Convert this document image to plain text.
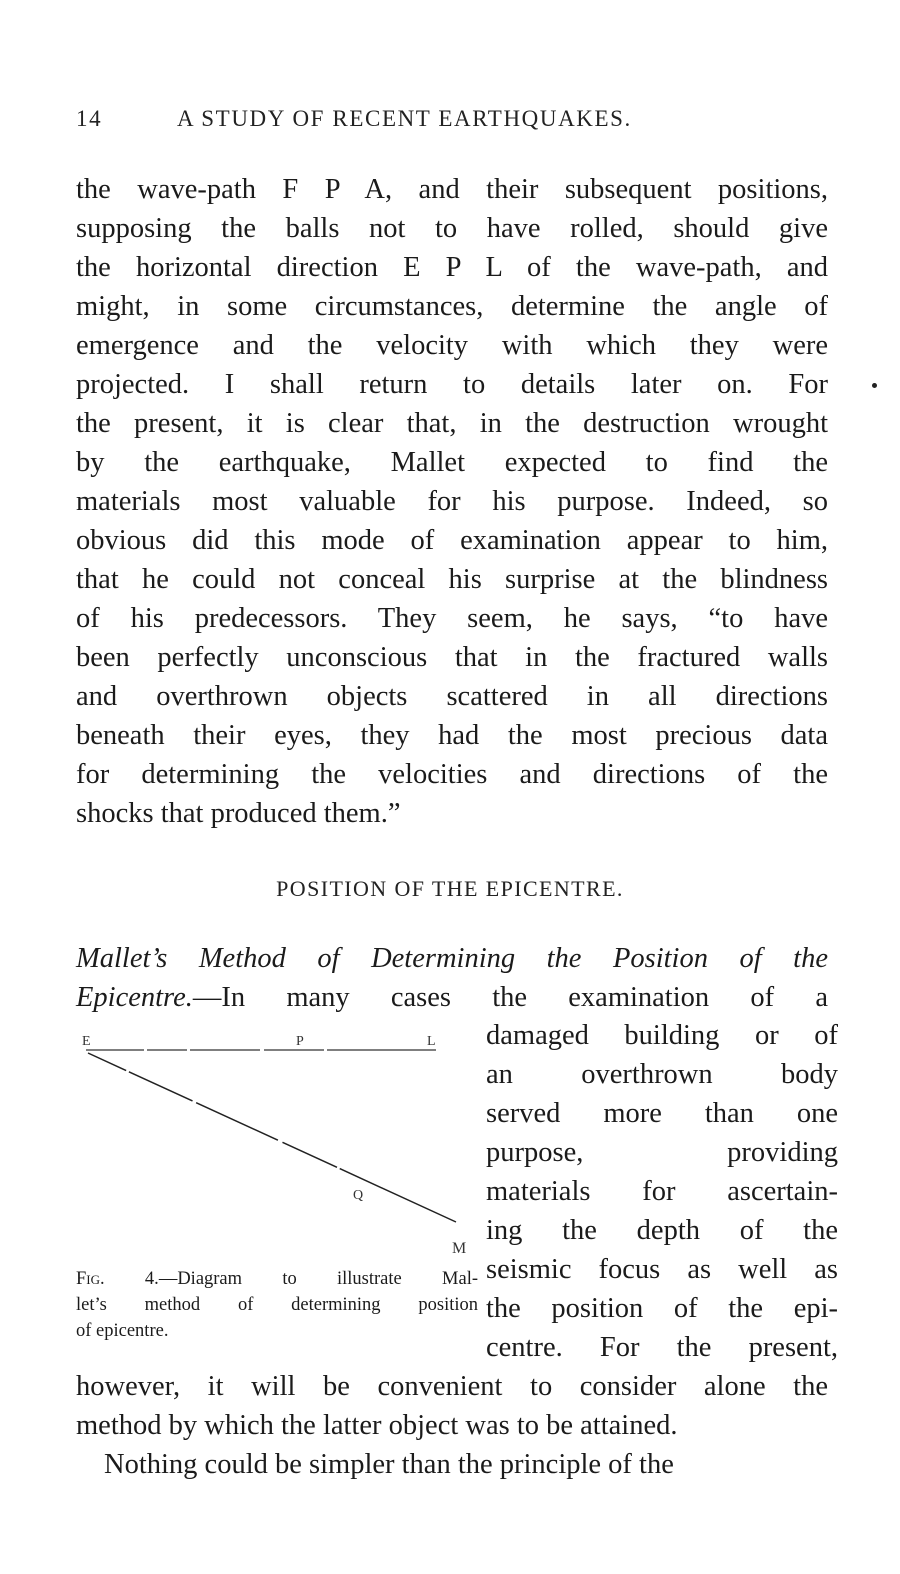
14	A STUDY OF RECENT EARTHQUAKES.
the wave-path F P A, and their subsequent positions,
supposing the balls not to have rolled, should give
the horizontal direction E P L of the wave-path, and
might, in some circumstances, determine the angle of
emergence and the velocity with which they were
projected. I shall return to details later on. For
the present, it is clear that, in the destruction wrought
by the earthquake, Mallet expected to find the
materials most valuable for his purpose. Indeed, so
obvious did this mode of examination appear to him,
that he could not conceal his surprise at the blindness
of his predecessors. They seem, he says, “to have
been perfectly unconscious that in the fractured walls
and overthrown objects scattered in all directions
beneath their eyes, they had the most precious data
for determining the velocities and directions of the
shocks that produced them.”
POSITION OF THE EPICENTRE.
Mallet’s Method of Determining the Position of the
Epicentre.—In many cases the examination of a
damaged building or of
an overthrown body
served more than one
purpose, providing
materials for ascertain-
ing the depth of the
seismic focus as well as
the position of the epi-
centre. For the present,
however, it will be convenient to consider alone the
method by which the latter object was to be attained.
Nothing could be simpler than the principle of the
E	P	L
Q
M
Fig. 4.—Diagram to illustrate Mal-
let’s method of determining position
of epicentre.
